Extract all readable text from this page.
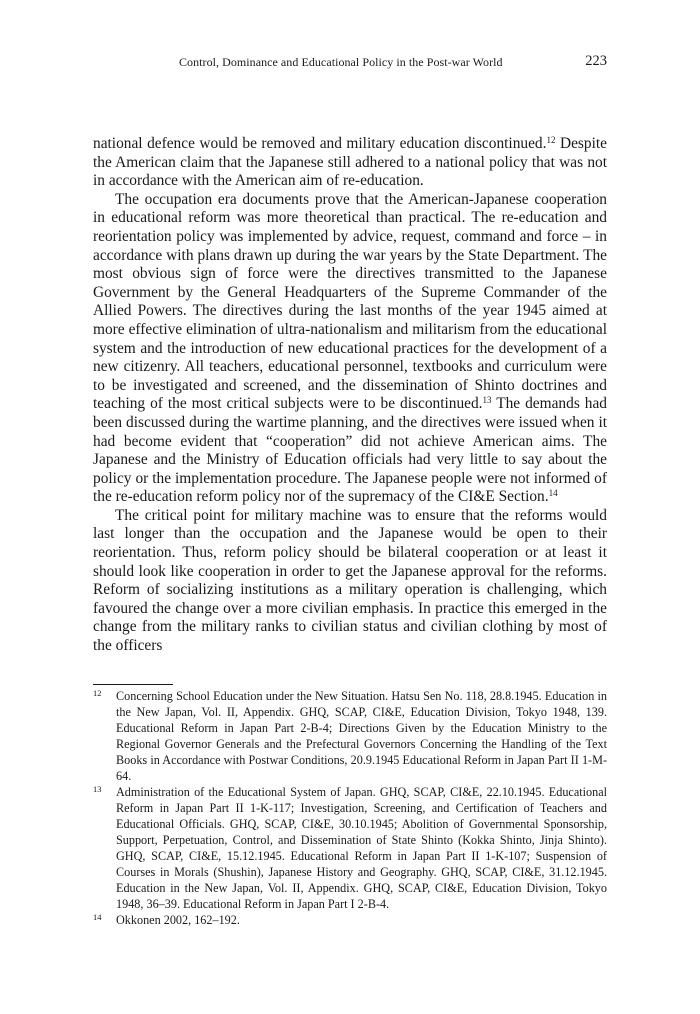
Control, Dominance and Educational Policy in the Post-war World	223

national defence would be removed and military education discontinued.$^{12}$ Despite the American claim that the Japanese still adhered to a national policy that was not in accordance with the American aim of re-education.

The occupation era documents prove that the American-Japanese cooperation in educational reform was more theoretical than practical. The re-education and reorientation policy was implemented by advice, request, command and force – in accordance with plans drawn up during the war years by the State Department. The most obvious sign of force were the directives transmitted to the Japanese Government by the General Headquarters of the Supreme Commander of the Allied Powers. The directives during the last months of the year 1945 aimed at more effective elimination of ultra-nationalism and militarism from the educational system and the introduction of new educational practices for the development of a new citizenry. All teachers, educational personnel, textbooks and curriculum were to be investigated and screened, and the dissemination of Shinto doctrines and teaching of the most critical subjects were to be discontinued.$^{13}$ The demands had been discussed during the wartime planning, and the directives were issued when it had become evident that “cooperation” did not achieve American aims. The Japanese and the Ministry of Education officials had very little to say about the policy or the implementation procedure. The Japanese people were not informed of the re-education reform policy nor of the supremacy of the CI&E Section.$^{14}$

The critical point for military machine was to ensure that the reforms would last longer than the occupation and the Japanese would be open to their reorientation. Thus, reform policy should be bilateral cooperation or at least it should look like cooperation in order to get the Japanese approval for the reforms. Reform of socializing institutions as a military operation is challenging, which favoured the change over a more civilian emphasis. In practice this emerged in the change from the military ranks to civilian status and civilian clothing by most of the officers

12 Concerning School Education under the New Situation. Hatsu Sen No. 118, 28.8.1945. Education in the New Japan, Vol. II, Appendix. GHQ, SCAP, CI&E, Education Division, Tokyo 1948, 139. Educational Reform in Japan Part 2-B-4; Directions Given by the Education Ministry to the Regional Governor Generals and the Prefectural Governors Concerning the Handling of the Text Books in Accordance with Postwar Conditions, 20.9.1945 Educational Reform in Japan Part II 1-M-64.
13 Administration of the Educational System of Japan. GHQ, SCAP, CI&E, 22.10.1945. Educational Reform in Japan Part II 1-K-117; Investigation, Screening, and Certification of Teachers and Educational Officials. GHQ, SCAP, CI&E, 30.10.1945; Abolition of Governmental Sponsorship, Support, Perpetuation, Control, and Dissemination of State Shinto (Kokka Shinto, Jinja Shinto). GHQ, SCAP, CI&E, 15.12.1945. Educational Reform in Japan Part II 1-K-107; Suspension of Courses in Morals (Shushin), Japanese History and Geography. GHQ, SCAP, CI&E, 31.12.1945. Education in the New Japan, Vol. II, Appendix. GHQ, SCAP, CI&E, Education Division, Tokyo 1948, 36–39. Educational Reform in Japan Part I 2-B-4.
14 Okkonen 2002, 162–192.
